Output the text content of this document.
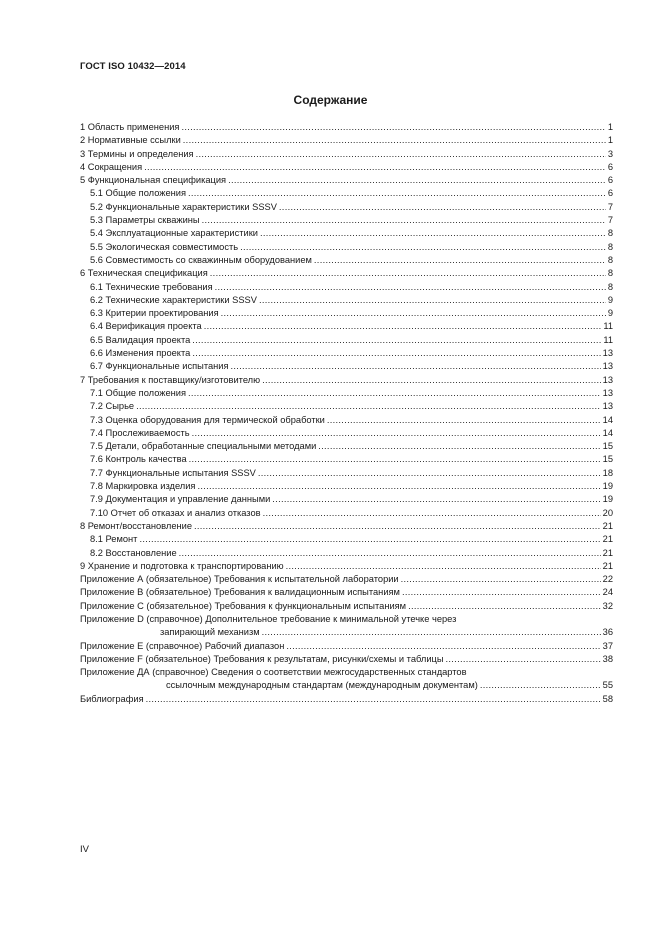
ГОСТ ISO 10432—2014
Содержание
1 Область применения .....	1
2 Нормативные ссылки .....	1
3 Термины и определения .....	3
4 Сокращения .....	6
5 Функциональная спецификация .....	6
5.1 Общие положения .....	6
5.2 Функциональные характеристики SSSV .....	7
5.3 Параметры скважины .....	7
5.4 Эксплуатационные характеристики .....	8
5.5 Экологическая совместимость .....	8
5.6 Совместимость со скважинным оборудованием .....	8
6 Техническая спецификация .....	8
6.1 Технические требования .....	8
6.2 Технические характеристики SSSV .....	9
6.3 Критерии проектирования .....	9
6.4 Верификация проекта .....	11
6.5 Валидация проекта .....	11
6.6 Изменения проекта .....	13
6.7 Функциональные испытания .....	13
7 Требования к поставщику/изготовителю .....	13
7.1 Общие положения .....	13
7.2 Сырье .....	13
7.3 Оценка оборудования для термической обработки .....	14
7.4 Прослеживаемость .....	14
7.5 Детали, обработанные специальными методами .....	15
7.6 Контроль качества .....	15
7.7 Функциональные испытания SSSV .....	18
7.8 Маркировка изделия .....	19
7.9 Документация и управление данными .....	19
7.10 Отчет об отказах и анализ отказов .....	20
8 Ремонт/восстановление .....	21
8.1 Ремонт .....	21
8.2 Восстановление .....	21
9 Хранение и подготовка к транспортированию .....	21
Приложение А (обязательное) Требования к испытательной лаборатории .....	22
Приложение В (обязательное) Требования к валидационным испытаниям .....	24
Приложение С (обязательное) Требования к функциональным испытаниям .....	32
Приложение D (справочное) Дополнительное требование к минимальной утечке через
запирающий механизм .....	36
Приложение E (справочное) Рабочий диапазон .....	37
Приложение F (обязательное) Требования к результатам, рисунки/схемы и таблицы .....	38
Приложение ДА (справочное) Сведения о соответствии межгосударственных стандартов
ссылочным международным стандартам (международным документам) .....	55
Библиография .....	58
IV
